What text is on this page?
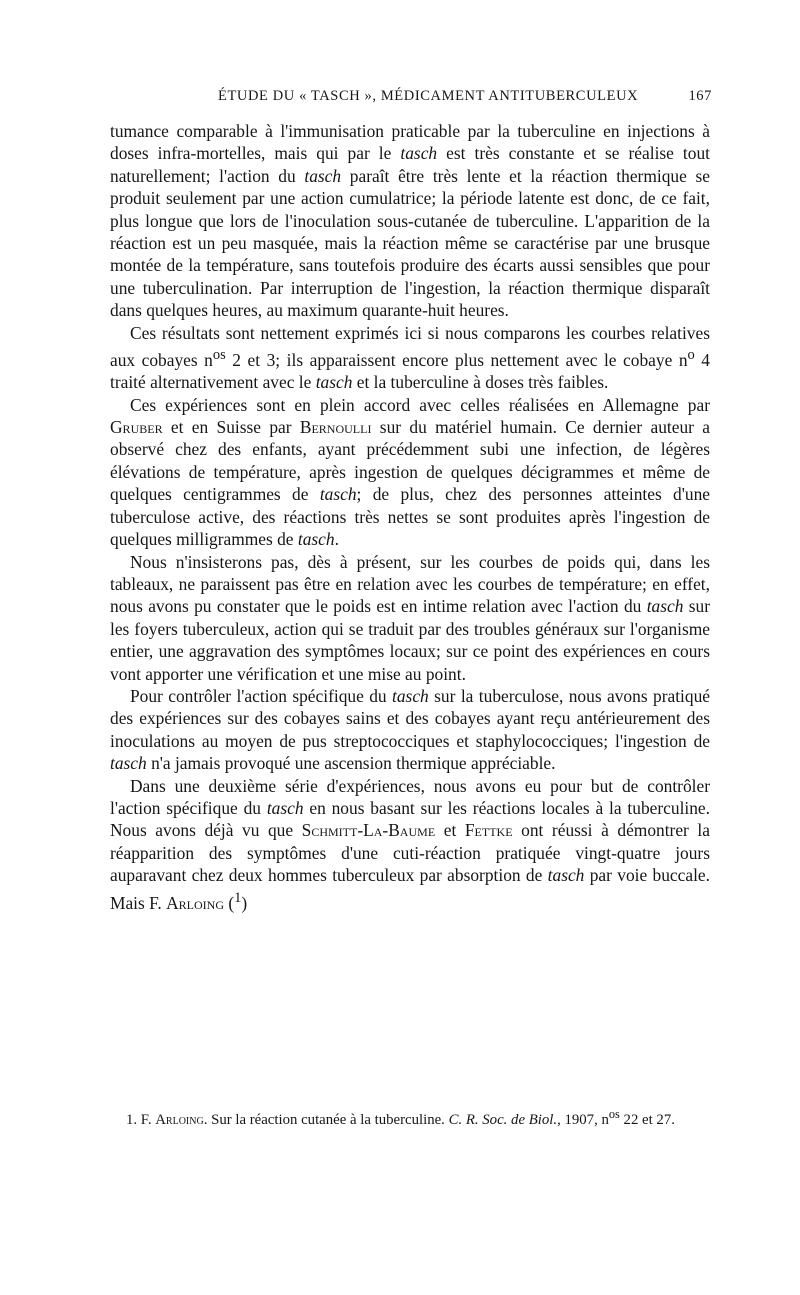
ÉTUDE DU « TASCH », MÉDICAMENT ANTITUBERCULEUX	167

tumance comparable à l'immunisation praticable par la tuberculine en injections à doses infra-mortelles, mais qui par le tasch est très constante et se réalise tout naturellement; l'action du tasch paraît être très lente et la réaction thermique se produit seulement par une action cumulatrice; la période latente est donc, de ce fait, plus longue que lors de l'inoculation sous-cutanée de tuberculine. L'apparition de la réaction est un peu masquée, mais la réaction même se caractérise par une brusque montée de la température, sans toutefois produire des écarts aussi sensibles que pour une tuberculination. Par interruption de l'ingestion, la réaction thermique disparaît dans quelques heures, au maximum quarante-huit heures.

Ces résultats sont nettement exprimés ici si nous comparons les courbes relatives aux cobayes $n^{os}$ 2 et 3; ils apparaissent encore plus nettement avec le cobaye $n^o$ 4 traité alternativement avec le tasch et la tuberculine à doses très faibles.

Ces expériences sont en plein accord avec celles réalisées en Allemagne par Gruber et en Suisse par Bernoulli sur du matériel humain. Ce dernier auteur a observé chez des enfants, ayant précédemment subi une infection, de légères élévations de température, après ingestion de quelques décigrammes et même de quelques centigrammes de tasch; de plus, chez des personnes atteintes d'une tuberculose active, des réactions très nettes se sont produites après l'ingestion de quelques milligrammes de tasch.

Nous n'insisterons pas, dès à présent, sur les courbes de poids qui, dans les tableaux, ne paraissent pas être en relation avec les courbes de température; en effet, nous avons pu constater que le poids est en intime relation avec l'action du tasch sur les foyers tuberculeux, action qui se traduit par des troubles généraux sur l'organisme entier, une aggravation des symptômes locaux; sur ce point des expériences en cours vont apporter une vérification et une mise au point.

Pour contrôler l'action spécifique du tasch sur la tuberculose, nous avons pratiqué des expériences sur des cobayes sains et des cobayes ayant reçu antérieurement des inoculations au moyen de pus streptococciques et staphylococciques; l'ingestion de tasch n'a jamais provoqué une ascension thermique appréciable.

Dans une deuxième série d'expériences, nous avons eu pour but de contrôler l'action spécifique du tasch en nous basant sur les réactions locales à la tuberculine. Nous avons déjà vu que Schmitt-La-Baume et Fettke ont réussi à démontrer la réapparition des symptômes d'une cuti-réaction pratiquée vingt-quatre jours auparavant chez deux hommes tuberculeux par absorption de tasch par voie buccale. Mais F. Arloing ($^1$)

1. F. Arloing. Sur la réaction cutanée à la tuberculine. C. R. Soc. de Biol., 1907, $n^{os}$ 22 et 27.
